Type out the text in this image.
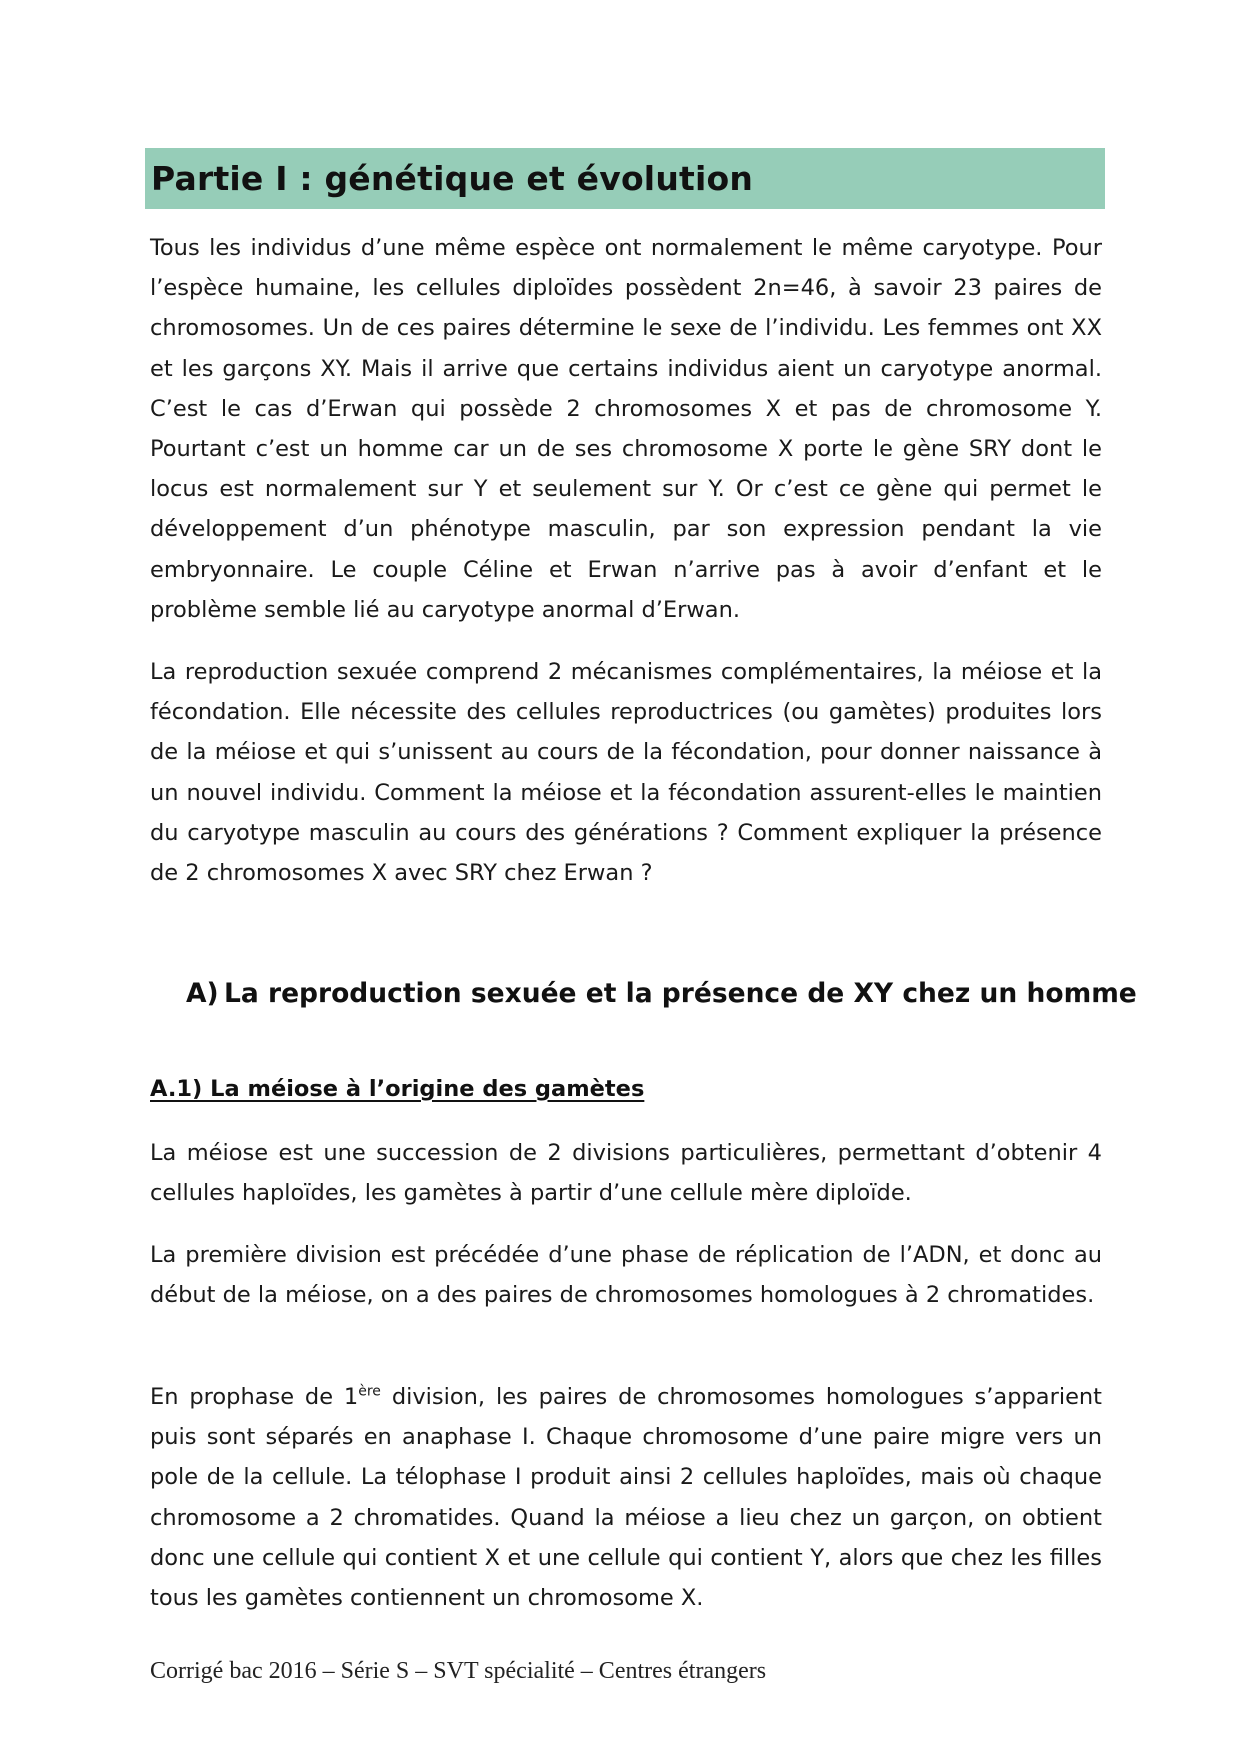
Partie I : génétique et évolution

Tous les individus d’une même espèce ont normalement le même caryotype. Pour l’espèce humaine, les cellules diploïdes possèdent 2n=46, à savoir 23 paires de chromosomes. Un de ces paires détermine le sexe de l’individu. Les femmes ont XX et les garçons XY. Mais il arrive que certains individus aient un caryotype anormal. C’est le cas d’Erwan qui possède 2 chromosomes X et pas de chromosome Y. Pourtant c’est un homme car un de ses chromosome X porte le gène SRY dont le locus est normalement sur Y et seulement sur Y. Or c’est ce gène qui permet le développement d’un phénotype masculin, par son expression pendant la vie embryonnaire. Le couple Céline et Erwan n’arrive pas à avoir d’enfant et le problème semble lié au caryotype anormal d’Erwan.

La reproduction sexuée comprend 2 mécanismes complémentaires, la méiose et la fécondation. Elle nécessite des cellules reproductrices (ou gamètes) produites lors de la méiose et qui s’unissent au cours de la fécondation, pour donner naissance à un nouvel individu. Comment la méiose et la fécondation assurent-elles le maintien du caryotype masculin au cours des générations ? Comment expliquer la présence de 2 chromosomes X avec SRY chez Erwan ?

A) La reproduction sexuée et la présence de XY chez un homme
A.1) La méiose à l’origine des gamètes

La méiose est une succession de 2 divisions particulières, permettant d’obtenir 4 cellules haploïdes, les gamètes à partir d’une cellule mère diploïde.

La première division est précédée d’une phase de réplication de l’ADN, et donc au début de la méiose, on a des paires de chromosomes homologues à 2 chromatides.

En prophase de 1ère division, les paires de chromosomes homologues s’apparient puis sont séparés en anaphase I. Chaque chromosome d’une paire migre vers un pole de la cellule. La télophase I produit ainsi 2 cellules haploïdes, mais où chaque chromosome a 2 chromatides. Quand la méiose a lieu chez un garçon, on obtient donc une cellule qui contient X et une cellule qui contient Y, alors que chez les filles tous les gamètes contiennent un chromosome X.

Corrigé bac 2016 – Série S – SVT spécialité – Centres étrangers
